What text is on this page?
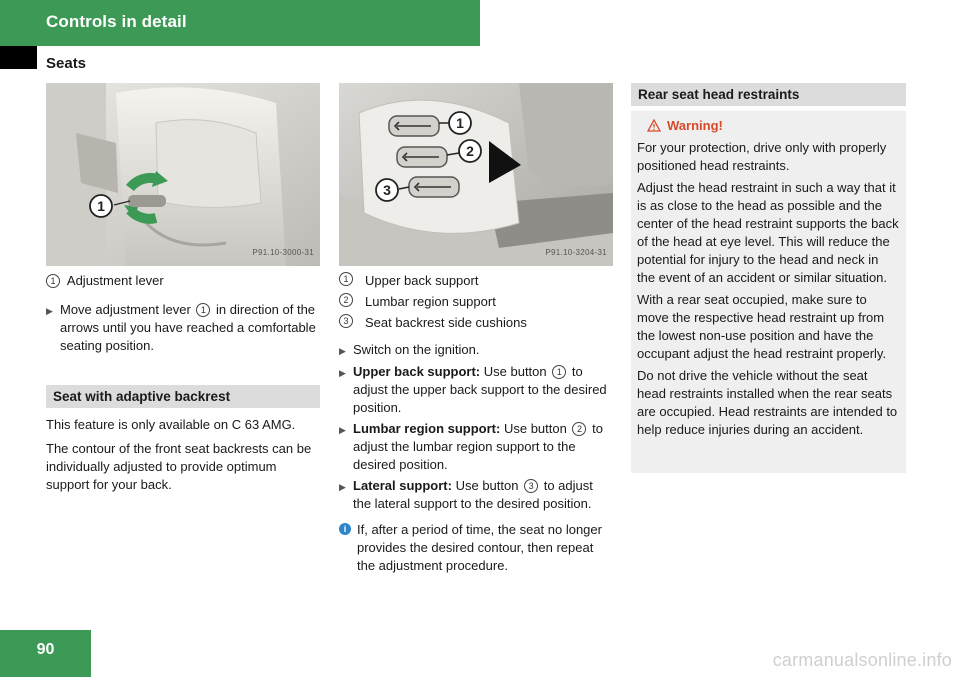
Controls in detail
Seats
1
P91.10-3000-31

1 Adjustment lever

▶ Move adjustment lever 1 in direction of the arrows until you have reached a comfortable seating position.
Seat with adaptive backrest

This feature is only available on C 63 AMG.

The contour of the front seat backrests can be individually adjusted to provide optimum support for your back.

1
2
3
P91.10-3204-31
1	Upper back support
2	Lumbar region support
3	Seat backrest side cushions
▶ Switch on the ignition.
▶ Upper back support: Use button 1 to adjust the upper back support to the desired position.
▶ Lumbar region support: Use button 2 to adjust the lumbar region support to the desired position.
▶ Lateral support: Use button 3 to adjust the lateral support to the desired position.
i If, after a period of time, the seat no longer provides the desired contour, then repeat the adjustment procedure.
Rear seat head restraints
Warning!

For your protection, drive only with properly positioned head restraints.

Adjust the head restraint in such a way that it is as close to the head as possible and the center of the head restraint supports the back of the head at eye level. This will reduce the potential for injury to the head and neck in the event of an accident or similar situation.

With a rear seat occupied, make sure to move the respective head restraint up from the lowest non-use position and have the occupant adjust the head restraint properly.

Do not drive the vehicle without the seat head restraints installed when the rear seats are occupied. Head restraints are intended to help reduce injuries during an accident.

90
carmanualsonline.info
